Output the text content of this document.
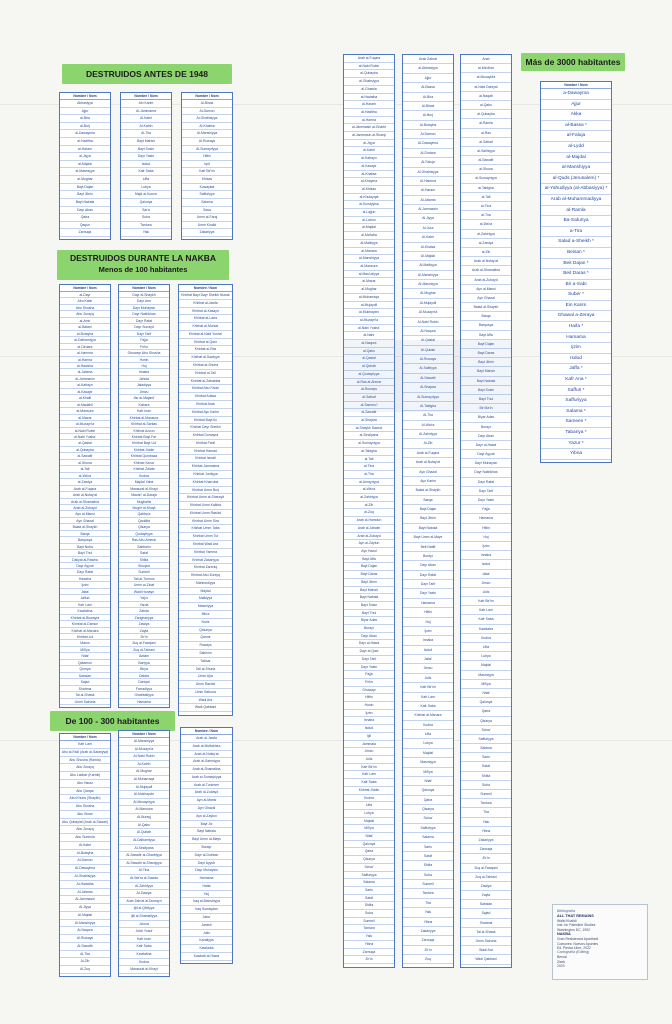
DESTRUIDOS ANTES DE 1948
DESTRUIDOS DURANTE LA NAKBA
Menos de 100 habitantes
De 100 - 300 habitantes
Más de 3000 habitantes
Nombre / Nom
Abbasiyya
Ajjur
al-Bira
al-Burj
al-Dawayima
al-Haditha
al-Haram
al-Jiyya
al-Majdal
al-Masmiyya
al-Mughar
Bayt Dajan
Bayt Jibrin
Bayt Nabala
Dayr Aban
Qatra
Qaqun
Zarnuqa
Nombre / Nom
Ain Karim
Al-Jammama
Al-Kabri
Al-Kafrin
Al-Tira
Bayt Mahsir
Bayt Susin
Dayr Yasin
Isdud
Kafr Saba
Lifta
Lubya
Majd al-Kurum
Qalunya
Sar'a
Suba
Tantura
Yalu
Nombre / Nom
Al-Birwa
Al-Damun
Al-Ghabisiyya
Al-Khalisa
Al-Manshiyya
Al-Ruways
Al-Sumayriyya
Hittin
Iqrit
Kafr Bir'im
Khisas
Kuwaykat
Saffuriyya
Salama
Sasa
Umm al-Faraj
Umm Khalid
Zakariyya
Nombre / Nom
al-Dayr
Abu Kabir
Abu Shusha
Abu Zurayq
al-Amir
al-Batani
al-Butayha
al-Dalhamiyya
al-Dirdara
al-Hamma
al-Hamra
al-Hawsha
al-Jalama
al-Jammasin
al-Kafrayn
al-Kasayir
al-Khalil
al-Madahil
al-Mansura
al-Mazar
al-Muzayri'a
al-Nabi Rubin
al-Nabi Yusha'
al-Qastal
al-Qubayba
al-Sawafir
al-Shuna
al-Tall
al-Wa'ra
al-Zawiya
Arab al-Fuqara
Arab al-Nufay'at
Arab al-Shamalina
Arab al-Zubayd
Ayn al-Mansi
Ayn Ghazal
Balad al-Shaykh
Barqa
Barqusya
Bayt Nuba
Bayt Thul
Daliyat al-Rawha
Dayr Ayyub
Dayr Rafat
Hawsha
Ijzim
Jaba'
Jallud
Kafr Lam
Kawfakha
Khirbat al-Buwayra
Khirbat al-Damun
Khirbat al-Manara
Khirbat Lid
Marus
Mi'ilya
Nitaf
Qatamun
Qumya
Sabalan
Sajad
Shahma
Tal al-Shawk
Umm Sabuna
Nombre / Nom
Dayr al-Shaykh
Dayr Amr
Dayr Muhaysin
Dayr Nakhkhas
Dayr Rafat
Dayr Sunayd
Dayr Tarif
Fajja
Fir'im
Ghuwayr Abu Shusha
Hunin
Huj
Innaba
Jahula
Jaladiyya
Jimzu
Jisr al-Majami'
Kabara
Kafr Inan
Khirbat al-Mansura
Khirbat al-Sarkas
Khirbat Azzun
Khirbat Bayt Far
Khirbat Bayt Lid
Khirbat Jiddin
Khirbat Qumbaza
Khirbat Sa'sa'
Khirbat Zalafa
Kudna
Majdal Yaba
Mansurat al-Khayt
Mazari' al-Daraja
Mughallis
Mughr al-Khayt
Qabba'a
Qaddita
Qisarya
Qudayriyya
Ras Abu Ammar
Sabbarin
Sataf
Shilta
Shuqba
Summil
Tall al-Turmus
Umm al-Zinat
Wadi Hunayn
Yajur
Yarda
Zabda
Zanghariyya
Zawiya
Zayta
Zir'in
Zuq al-Fawqani
Zuq al-Tahtani
Awlam
Bariyya
Birya
Dalata
Daniyal
Farradiyya
Ghabbatiyya
Hamama
Nombre / Nom
Khirbat Bayt Dayr Sheikh Nuwar
Khirbat al-Jawfa
Khirbat al-Kasayir
Khirbat al-Lawz
Khirbat al-Muntar
Khirbat al-Nabi Yusha'
Khirbat al-Qasr
Khirbat al-Ras
Khirbat al-Sawiyya
Khirbat al-Shuna
Khirbat al-Tall
Khirbat al-Zababida
Khirbat Abu Falah
Khirbat Adasa
Khirbat Arab
Khirbat Ayn Karim
Khirbat Bayt Ilu
Khirbat Dayr Sheikh
Khirbat Dumayra
Khirbat Fahil
Khirbat Hamad
Khirbat Ismail
Khirbat Jammama
Khirbat Jurdiyya
Khirbat Kharruba
Khirbat Umm Burj
Khirbat Umm al-Sharayit
Khirbat Umm Kalkha
Khirbat Umm Rashid
Khirbat Umm Sira
Khirbat Umm Taba
Khirbat Umm Tut
Khirbat Wadi Ara
Khirbat Yamma
Khirbat Zakariyya
Khirbat Zaraniq
Khirbat Abu Zurayq
Mahmudiyya
Majdal
Malkiyya
Masmiyya
Mis'a
Nuris
Qalunya
Qannir
Ruways
Sakhnin
Tabsar
Tall al-Shuna
Umm Ajra
Umm Rashid
Umm Sabuna
Wadi Ara
Wadi Qabbani
Nombre / Nom
Kafr Lam
Abu al-Fadl (Arab al-Satariyya)
Abu Shusha (Ramla)
Abu Zurayq
Abu Labbar (Karmil)
Abu Haraz
Abu Qarqar
Abu Khubs (Shaykh)
Abu Shusha
Abu Sinan
Abu Qubaylat (Arab al-Sawari)
Abu Zurayq
Abu Sunbula
Al-Kabri
Al-Butayha
Al-Damun
Al-Dawayima
Al-Ghabisiyya
Al-Hadatha
Al-Jalama
Al-Jammasin
Al-Jiyya
Al-Majdal
Al-Manshiyya
Al-Naqura
Al-Ruways
Al-Sawafir
Al-Tira
Al-Zib
Al-Zuq
Nombre / Nom
Al-Manshiyya
Al-Muzayri'a
Al-Nabi Rubin
Al-Kafrin
Al-Mughar
Al-Muharraqa
Al-Mujaydil
Al-Mukhayzin
Al-Musayriyya
Al-Mansura
Al-Burayj
Al-Qabu
Al-Qubab
Al-Dalhamiyya
Al-Sindiyana
Al-Sawafir al-Gharbiyya
Al-Sawafir al-Sharqiyya
Al-Tina
Al-Wa'ra al-Sawda
Al-Zahiriyya
Al-Zawiya
Arab Zahrat al-Dumayri
Ijlil al-Qibliyya
Ijlil al-Shamaliyya
Ja'una
Jubb Yusuf
Kafr Inan
Kafr Saba
Kawfakha
Kudna
Mansurat al-Khayt
Nombre / Nom
Arab al-Jawfa
Arab al-Muftakhira
Arab al-Nufay'at
Arab al-Samniyya
Arab al-Shamalina
Arab al-Sumayriyya
Arab al-Turkmen
Arab al-Zubayd
Ayn al-Mansi
Ayn Ghazal
Ayn al-Zaytun
Bayt Jiz
Bayt Nabala
Bayt Umm al-Mays
Burayr
Dayr al-Dubban
Dayr Ayyub
Dayr Muhaysin
Hamama
Hatta
Huj
Iraq al-Manshiyya
Iraq Suwaydan
Jaba'
Jarash
Julis
Karatiyya
Kawkaba
Kawkab al-Hawa
Arab al-Fuqara
al-Nabi Rubin
al-Qubayba
al-Ghabsiyya
al-Ghawla
al-Hadatha
al-Haram
al-Haditha
al-Hamra
al-Jammasin al-Gharbi
al-Jammasin al-Sharqi
al-Jiyya
al-Kabri
al-Kafrayn
al-Kasayir
al-Khalisa
al-Khayma
al-Khisas
al-Khulayqat
al-Kunayyisa
al-Lajjun
al-Latrun
al-Majdal
al-Mal'aba
al-Malkiyya
al-Manara
al-Manshiyya
al-Mansura
al-Mas'udiyya
al-Mazar
al-Mughar
al-Muharraqa
al-Mujaydil
al-Mukhayzin
al-Muzayri'a
al-Nabi Yusha'
al-Nahr
al-Naqura
al-Qabu
al-Qastal
al-Qubab
al-Qudayriyya
al-Ras al-Ahmar
al-Ruways
al-Safsaf
al-Sammu'i
al-Sawafir
al-Shajara
al-Shaykh Dawud
al-Sindiyana
al-Sumayriyya
al-Tabigha
al-Tall
al-Tina
al-Tira
al-Umayriyya
al-Wa'ra
al-Zahiriyya
al-Zib
al-Zuq
Arab al-Hamdun
Arab al-Jahalin
Arab al-Zubayd
Ayn al-Zaytun
Ayn Hawd
Bayt Affa
Bayt Dajan
Bayt Daras
Bayt Jibrin
Bayt Mahsir
Bayt Nabala
Bayt Susin
Bayt Thul
Biyar Adas
Burayr
Dayr Aban
Dayr al-Hawa
Dayr al-Qasi
Dayr Tarif
Dayr Yasin
Fajja
Fir'im
Ghuwayr
Hittin
Hunin
Ijzim
Innaba
Isdud
Ijlil
Jammala
Jimzu
Julis
Kafr Bir'im
Kafr Lam
Kafr Saba
Khirbat Jiddin
Kudna
Lifta
Lubya
Majdal
Mi'ilya
Nitaf
Qalunya
Qatra
Qisarya
Sa'sa'
Saffuriyya
Salama
Saris
Sataf
Shilta
Suba
Summil
Tantura
Yalu
Yibna
Zarnuqa
Zir'in
Arab Zahrat
al-Abbasiyya
Ajjur
Al-Bassa
Al-Bira
Al-Birwa
Al-Burj
Al-Butayha
Al-Damun
Al-Dawayima
Al-Dirdara
Al-Faluja
Al-Ghabisiyya
Al-Hamma
Al-Haram
Al-Jalama
Al-Jammasin
Al-Jiyya
Al-Jura
Al-Kabri
Al-Khalsa
Al-Majdal
Al-Malkiyya
Al-Manshiyya
Al-Masmiyya
Al-Mughar
Al-Mujaydil
Al-Muzayri'a
Al-Nabi Rubin
Al-Naqura
Al-Qastal
Al-Qubab
Al-Ruways
Al-Safiriyya
Al-Sawafir
Al-Shajara
Al-Sumayriyya
Al-Tabigha
Al-Tira
Al-Wa'ra
Al-Zahiriyya
Al-Zib
Arab al-Fuqara
Arab al-Nufay'at
Ayn Ghazal
Ayn Karim
Balad al-Shaykh
Barqa
Bayt Dajan
Bayt Jibrin
Bayt Nabala
Bayt Umm al-Mays
Beit Nattif
Burayr
Dayr Aban
Dayr Rafat
Dayr Tarif
Dayr Yasin
Hamama
Hittin
Huj
Ijzim
Innaba
Isdud
Jaba'
Jimzu
Julis
Kafr Bir'im
Kafr Lam
Kafr Saba
Khirbat al-Manara
Kudna
Lifta
Lubya
Majdal
Masmiyya
Mi'ilya
Nitaf
Qalunya
Qatra
Qisarya
Sa'sa'
Saffuriyya
Salama
Saris
Sataf
Shilta
Suba
Summil
Tantura
Tira
Yalu
Yibna
Zakariyya
Zarnuqa
Zir'in
Zuq
Arab
al-Ma'dhar
al-Musayrifa
al-Nabi Daniyal
al-Naqab
al-Qabu
al-Qubayba
al-Ramla
al-Ras
al-Safsaf
al-Salihiyya
al-Sawafir
al-Shuna
al-Sumayriyya
al-Tabigha
al-Tall
al-Tina
al-Tira
al-Wa'ra
al-Zahiriyya
al-Zawiya
al-Zib
Arab al-Nufay'at
Arab al-Shamalina
Arab al-Zubayd
Ayn al-Mansi
Ayn Ghazal
Balad al-Shaykh
Barqa
Barqusya
Bayt Affa
Bayt Dajan
Bayt Daras
Bayt Jibrin
Bayt Mahsir
Bayt Nabala
Bayt Susin
Bayt Thul
Bir Ma'in
Biyar Adas
Burayr
Dayr Aban
Dayr al-Hawa
Dayr Ayyub
Dayr Muhaysin
Dayr Nakhkhas
Dayr Rafat
Dayr Tarif
Dayr Yasin
Fajja
Hamama
Hittin
Huj
Ijzim
Innaba
Isdud
Jaba'
Jimzu
Julis
Kafr Bir'im
Kafr Lam
Kafr Saba
Kawkaba
Kudna
Lifta
Lubya
Majdal
Masmiyya
Mi'ilya
Nitaf
Qalunya
Qatra
Qisarya
Sa'sa'
Saffuriyya
Salama
Saris
Sataf
Shilta
Suba
Summil
Tantura
Tira
Yalu
Yibna
Zakariyya
Zarnuqa
Zir'in
Zuq al-Fawqani
Zuq al-Tahtani
Zawiya
Zayta
Sabalan
Sajad
Shahma
Tal al-Shawk
Umm Sabuna
Wadi Ara
Wadi Qabbani
Nombre / Nom
a-Dawayma
Ajjur
Akka
al-Bassa *
al-Faluja
al-Lydd
al-Majdal
al-Manshiyya
al-Quds (Jerusalem) *
al-Yahudiyya (al-Abbasiyya) *
Arab al-Muhammadiyya
al-Ramla
Ba-Safuriya
a-Tira
Salad a-Sheikh *
Beisan *
Beit Dajan *
Beit Daras *
Bir a-Sabi
Suber *
Ein Karim
Ghawal a-Zeraya
Haifa *
Hamama
Ijzim
Isdud
Jaffa *
Kafr Ana *
Saffuri *
Saffuriyya
Salama *
Sameen *
Tabariya *
Yazur *
Yibna
Bibliografía
ALL THAT REMAINS
Walid Khalidi
Inst. for Palestine Studies
Washington DC, 1992
NAKBA
Gran Resistencia Apartheid
Comunes: Nuevos Apuntes
Ed. Piedra Libre, 2022
Cartografía (Editing)
Bernal
Zizek
2023
